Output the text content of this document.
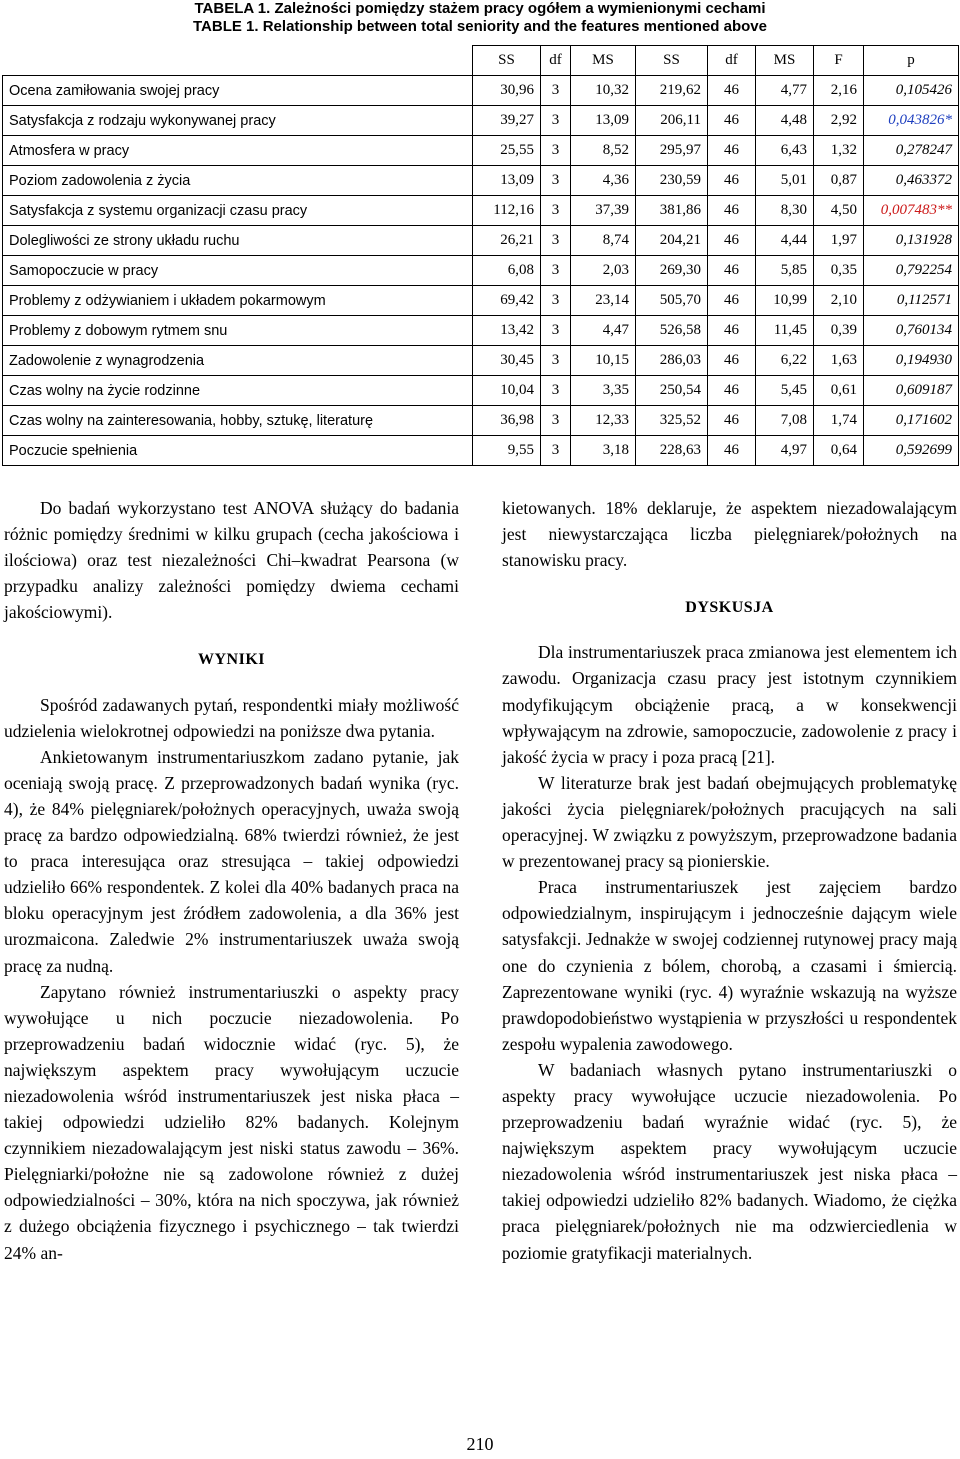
TABELA 1. Zależności pomiędzy stażem pracy ogółem a wymienionymi cechami
TABLE 1. Relationship between total seniority and the features mentioned above
	SS	df	MS	SS	df	MS	F	p
Ocena zamiłowania swojej pracy	30,96	3	10,32	219,62	46	4,77	2,16	0,105426
Satysfakcja z rodzaju wykonywanej pracy	39,27	3	13,09	206,11	46	4,48	2,92	0,043826*
Atmosfera w pracy	25,55	3	8,52	295,97	46	6,43	1,32	0,278247
Poziom zadowolenia z życia	13,09	3	4,36	230,59	46	5,01	0,87	0,463372
Satysfakcja z systemu organizacji czasu pracy	112,16	3	37,39	381,86	46	8,30	4,50	0,007483**
Dolegliwości ze strony układu ruchu	26,21	3	8,74	204,21	46	4,44	1,97	0,131928
Samopoczucie w pracy	6,08	3	2,03	269,30	46	5,85	0,35	0,792254
Problemy z odżywianiem i układem pokarmowym	69,42	3	23,14	505,70	46	10,99	2,10	0,112571
Problemy z dobowym rytmem snu	13,42	3	4,47	526,58	46	11,45	0,39	0,760134
Zadowolenie z wynagrodzenia	30,45	3	10,15	286,03	46	6,22	1,63	0,194930
Czas wolny na życie rodzinne	10,04	3	3,35	250,54	46	5,45	0,61	0,609187
Czas wolny na zainteresowania, hobby, sztukę, literaturę	36,98	3	12,33	325,52	46	7,08	1,74	0,171602
Poczucie spełnienia	9,55	3	3,18	228,63	46	4,97	0,64	0,592699

Do badań wykorzystano test ANOVA służący do badania różnic pomiędzy średnimi w kilku grupach (cecha jakościowa i ilościowa) oraz test niezależności Chi–kwadrat Pearsona (w przypadku analizy zależności pomiędzy dwiema cechami jakościowymi).

WYNIKI

Spośród zadawanych pytań, respondentki miały możliwość udzielenia wielokrotnej odpowiedzi na poniższe dwa pytania.

Ankietowanym instrumentariuszkom zadano pytanie, jak oceniają swoją pracę. Z przeprowadzonych badań wynika (ryc. 4), że 84% pielęgniarek/położnych operacyjnych, uważa swoją pracę za bardzo odpowiedzialną. 68% twierdzi również, że jest to praca interesująca oraz stresująca – takiej odpowiedzi udzieliło 66% respondentek. Z kolei dla 40% badanych praca na bloku operacyjnym jest źródłem zadowolenia, a dla 36% jest urozmaicona. Zaledwie 2% instrumentariuszek uważa swoją pracę za nudną.

Zapytano również instrumentariuszki o aspekty pracy wywołujące u nich poczucie niezadowolenia. Po przeprowadzeniu badań widocznie widać (ryc. 5), że największym aspektem pracy wywołującym uczucie niezadowolenia wśród instrumentariuszek jest niska płaca – takiej odpowiedzi udzieliło 82% badanych. Kolejnym czynnikiem niezadowalającym jest niski status zawodu – 36%. Pielęgniarki/położne nie są zadowolone również z dużej odpowiedzialności – 30%, która na nich spoczywa, jak również z dużego obciążenia fizycznego i psychicznego – tak twierdzi 24% an-

kietowanych. 18% deklaruje, że aspektem niezadowalającym jest niewystarczająca liczba pielęgniarek/położnych na stanowisku pracy.

DYSKUSJA

Dla instrumentariuszek praca zmianowa jest elementem ich zawodu. Organizacja czasu pracy jest istotnym czynnikiem modyfikującym obciążenie pracą, a w konsekwencji wpływającym na zdrowie, samopoczucie, zadowolenie z pracy i jakość życia w pracy i poza pracą [21].

W literaturze brak jest badań obejmujących problematykę jakości życia pielęgniarek/położnych pracujących na sali operacyjnej. W związku z powyższym, przeprowadzone badania w prezentowanej pracy są pionierskie.

Praca instrumentariuszek jest zajęciem bardzo odpowiedzialnym, inspirującym i jednocześnie dającym wiele satysfakcji. Jednakże w swojej codziennej rutynowej pracy mają one do czynienia z bólem, chorobą, a czasami i śmiercią. Zaprezentowane wyniki (ryc. 4) wyraźnie wskazują na wyższe prawdopodobieństwo wystąpienia w przyszłości u respondentek zespołu wypalenia zawodowego.

W badaniach własnych pytano instrumentariuszki o aspekty pracy wywołujące uczucie niezadowolenia. Po przeprowadzeniu badań wyraźnie widać (ryc. 5), że największym aspektem pracy wywołującym uczucie niezadowolenia wśród instrumentariuszek jest niska płaca – takiej odpowiedzi udzieliło 82% badanych. Wiadomo, że ciężka praca pielęgniarek/położnych nie ma odzwierciedlenia w poziomie gratyfikacji materialnych.

210
